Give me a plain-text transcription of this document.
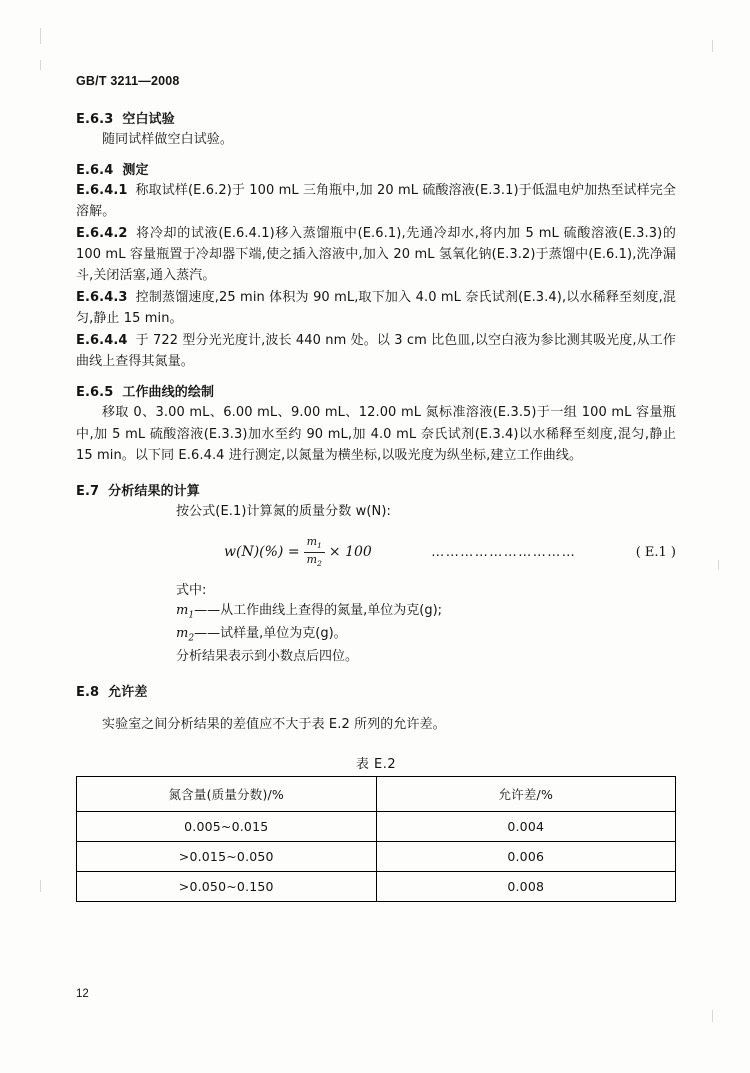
GB/T 3211—2008
E.6.3 空白试验

随同试样做空白试验。

E.6.4 测定

E.6.4.1 称取试样(E.6.2)于 100 mL 三角瓶中,加 20 mL 硫酸溶液(E.3.1)于低温电炉加热至试样完全溶解。

E.6.4.2 将冷却的试液(E.6.4.1)移入蒸馏瓶中(E.6.1),先通冷却水,将内加 5 mL 硫酸溶液(E.3.3)的 100 mL 容量瓶置于冷却器下端,使之插入溶液中,加入 20 mL 氢氧化钠(E.3.2)于蒸馏中(E.6.1),洗净漏斗,关闭活塞,通入蒸汽。

E.6.4.3 控制蒸馏速度,25 min 体积为 90 mL,取下加入 4.0 mL 奈氏试剂(E.3.4),以水稀释至刻度,混匀,静止 15 min。

E.6.4.4 于 722 型分光光度计,波长 440 nm 处。以 3 cm 比色皿,以空白液为参比测其吸光度,从工作曲线上查得其氮量。

E.6.5 工作曲线的绘制

移取 0、3.00 mL、6.00 mL、9.00 mL、12.00 mL 氮标准溶液(E.3.5)于一组 100 mL 容量瓶中,加 5 mL 硫酸溶液(E.3.3)加水至约 90 mL,加 4.0 mL 奈氏试剂(E.3.4)以水稀释至刻度,混匀,静止 15 min。以下同 E.6.4.4 进行测定,以氮量为横坐标,以吸光度为纵坐标,建立工作曲线。

E.7 分析结果的计算

按公式(E.1)计算氮的质量分数 w(N):

$w(N)(\%) = \frac{m_1}{m_2} \times 100$	…………………………	( E.1 )
式中:
$m_1——$从工作曲线上查得的氮量,单位为克(g);
$m_2——$试样量,单位为克(g)。
分析结果表示到小数点后四位。
E.8 允许差

实验室之间分析结果的差值应不大于表 E.2 所列的允许差。

表 E.2
氮含量(质量分数)/%	允许差/%
0.005~0.015	0.004
>0.015~0.050	0.006
>0.050~0.150	0.008
12
